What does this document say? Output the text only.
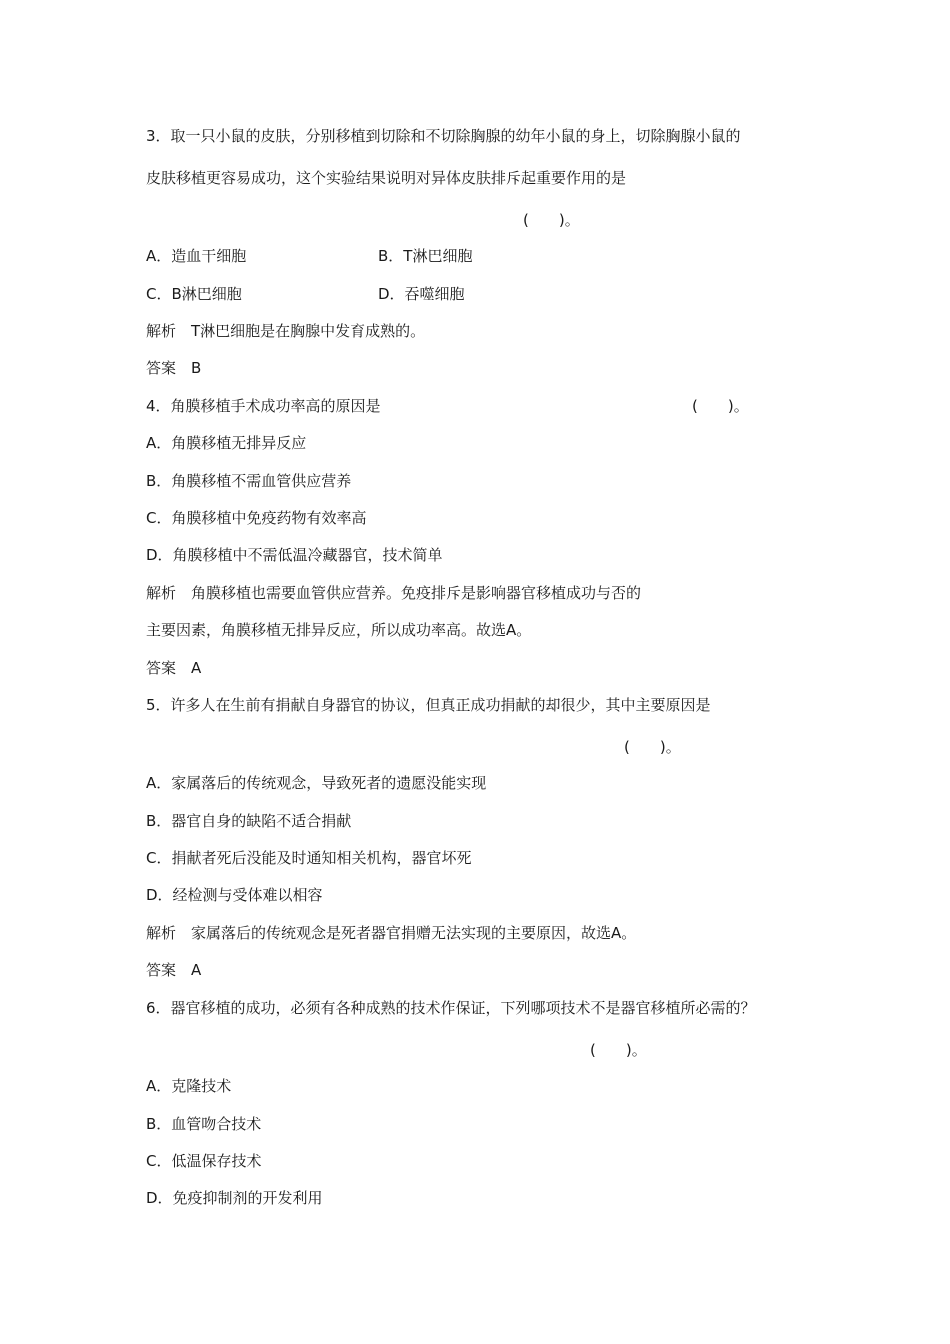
3．取一只小鼠的皮肤，分别移植到切除和不切除胸腺的幼年小鼠的身上，切除胸腺小鼠的
皮肤移植更容易成功，这个实验结果说明对异体皮肤排斥起重要作用的是
(　　)。
A．造血干细胞	B．T淋巴细胞
C．B淋巴细胞	D．吞噬细胞
解析　T淋巴细胞是在胸腺中发育成熟的。
答案　B
4．角膜移植手术成功率高的原因是	(　　)。
A．角膜移植无排异反应
B．角膜移植不需血管供应营养
C．角膜移植中免疫药物有效率高
D．角膜移植中不需低温冷藏器官，技术简单
解析　角膜移植也需要血管供应营养。免疫排斥是影响器官移植成功与否的
主要因素，角膜移植无排异反应，所以成功率高。故选A。
答案　A
5．许多人在生前有捐献自身器官的协议，但真正成功捐献的却很少，其中主要原因是
(　　)。
A．家属落后的传统观念，导致死者的遗愿没能实现
B．器官自身的缺陷不适合捐献
C．捐献者死后没能及时通知相关机构，器官坏死
D．经检测与受体难以相容
解析　家属落后的传统观念是死者器官捐赠无法实现的主要原因，故选A。
答案　A
6．器官移植的成功，必须有各种成熟的技术作保证，下列哪项技术不是器官移植所必需的？
(　　)。
A．克隆技术
B．血管吻合技术
C．低温保存技术
D．免疫抑制剂的开发利用
